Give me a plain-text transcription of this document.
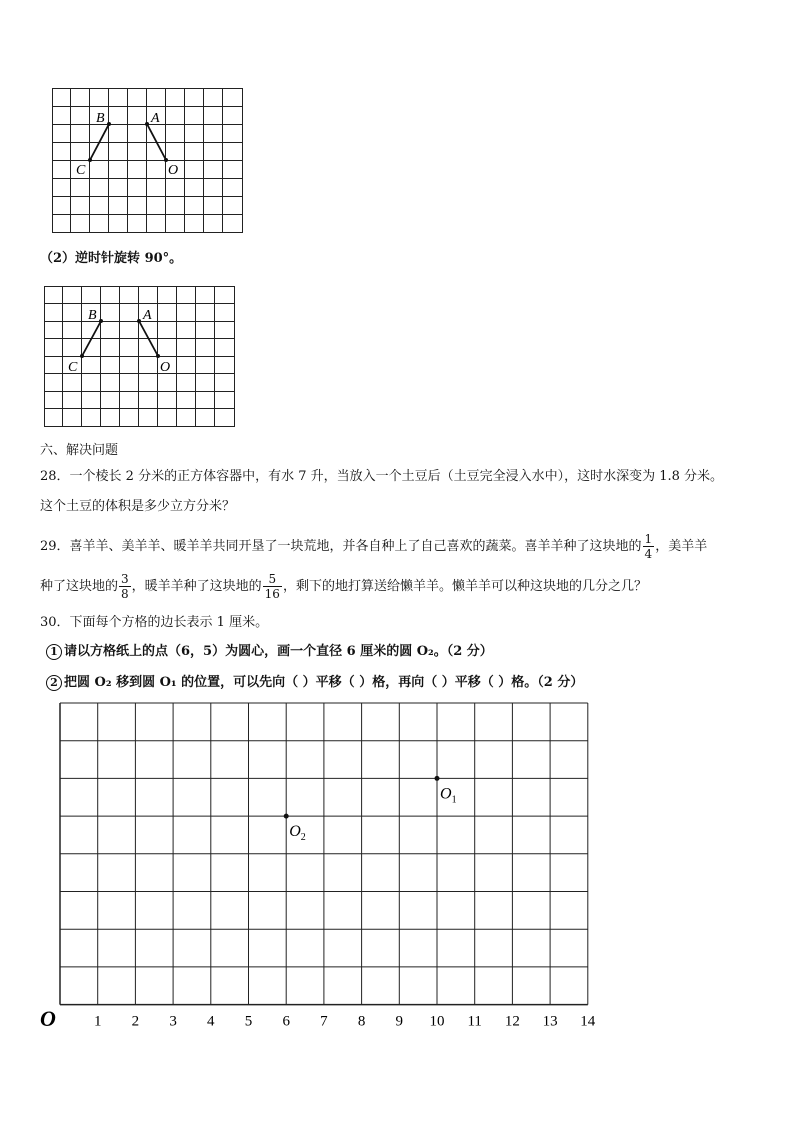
B	A
C	O
（2）逆时针旋转 90°。
B	A
C	O
六、解决问题
28．一个棱长 2 分米的正方体容器中，有水 7 升，当放入一个土豆后（土豆完全浸入水中），这时水深变为 1.8 分米。
这个土豆的体积是多少立方分米？
29．喜羊羊、美羊羊、暖羊羊共同开垦了一块荒地，并各自种上了自己喜欢的蔬菜。喜羊羊种了这块地的 $\frac{1}{4}$ ，美羊羊
种了这块地的 $\frac{3}{8}$ ，暖羊羊种了这块地的 $\frac{5}{16}$ ，剩下的地打算送给懒羊羊。懒羊羊可以种这块地的几分之几？
30．下面每个方格的边长表示 1 厘米。
1 请以方格纸上的点（6，5）为圆心，画一个直径 6 厘米的圆 O₂。（2 分）
2 把圆 O₂ 移到圆 O₁ 的位置，可以先向（ ）平移（ ）格，再向（ ）平移（ ）格。（2 分）
1 2 3 4 5 6 7 8 9 10 11 12 13 14
$O_1$
$O_2$
O
